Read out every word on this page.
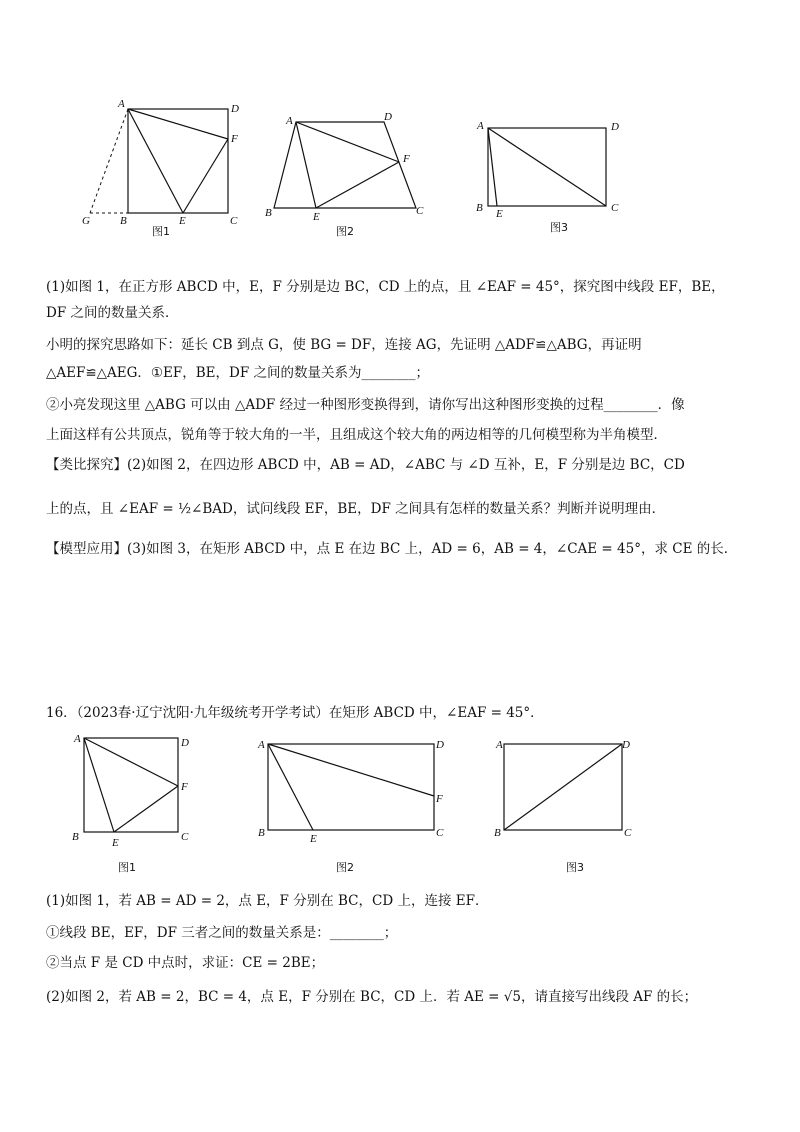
A	D
F
C
E
B
G
图1
A	D
F
C
E
B
图2
A	D
C
E
B
图3
(1)如图 1，在正方形 ABCD 中，E，F 分别是边 BC，CD 上的点，且 ∠EAF = 45°，探究图中线段 EF，BE，
DF 之间的数量关系．
小明的探究思路如下：延长 CB 到点 G，使 BG = DF，连接 AG，先证明 △ADF≌△ABG，再证明
△AEF≌△AEG．①EF，BE，DF 之间的数量关系为________；
②小亮发现这里 △ABG 可以由 △ADF 经过一种图形变换得到，请你写出这种图形变换的过程________．像
上面这样有公共顶点，锐角等于较大角的一半，且组成这个较大角的两边相等的几何模型称为半角模型．
【类比探究】(2)如图 2，在四边形 ABCD 中，AB = AD，∠ABC 与 ∠D 互补，E，F 分别是边 BC，CD
上的点，且 ∠EAF = ½∠BAD，试问线段 EF，BE，DF 之间具有怎样的数量关系？判断并说明理由．
【模型应用】(3)如图 3，在矩形 ABCD 中，点 E 在边 BC 上，AD = 6，AB = 4，∠CAE = 45°，求 CE 的长．
16．（2023春·辽宁沈阳·九年级统考开学考试）在矩形 ABCD 中，∠EAF = 45°．
A	D
F
C
E
B
图1
A	D
F
C
E
B
图2
A	D
C
B
图3
(1)如图 1，若 AB = AD = 2，点 E，F 分别在 BC，CD 上，连接 EF．
①线段 BE，EF，DF 三者之间的数量关系是：________；
②当点 F 是 CD 中点时，求证：CE = 2BE；
(2)如图 2，若 AB = 2，BC = 4，点 E，F 分别在 BC，CD 上．若 AE = √5，请直接写出线段 AF 的长；
